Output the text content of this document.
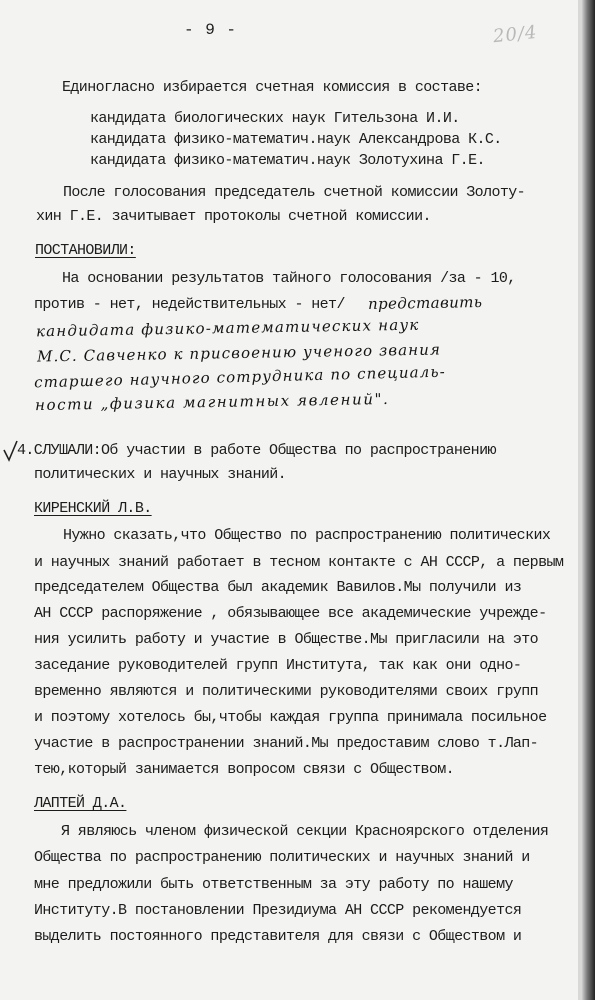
- 9 -	20/4
Единогласно избирается счетная комиссия в составе:
кандидата биологических наук Гительзона И.И.
кандидата физико-математич.наук Александрова К.С.
кандидата физико-математич.наук Золотухина Г.Е.
После голосования председатель счетной комиссии Золоту-
хин Г.Е. зачитывает протоколы счетной комиссии.
ПОСТАНОВИЛИ:
На основании результатов тайного голосования /за - 10,
против - нет, недействительных - нет/ представить
кандидата физико-математических наук
М.С. Савченко к присвоению ученого звания
старшего научного сотрудника по специаль-
ности „физика магнитных явлений".
4.СЛУШАЛИ:Об участии в работе Общества по распространению
политических и научных знаний.
КИРЕНСКИЙ Л.В.
Нужно сказать,что Общество по распространению политических
и научных знаний работает в тесном контакте с АН СССР, а первым
председателем Общества был академик Вавилов.Мы получили из
АН СССР распоряжение , обязывающее все академические учрежде-
ния усилить работу и участие в Обществе.Мы пригласили на это
заседание руководителей групп Института, так как они одно-
временно являются и политическими руководителями своих групп
и поэтому хотелось бы,чтобы каждая группа принимала посильное
участие в распространении знаний.Мы предоставим слово т.Лап-
тею,который занимается вопросом связи с Обществом.
ЛАПТЕЙ Д.А.
Я являюсь членом физической секции Красноярского отделения
Общества по распространению политических и научных знаний и
мне предложили быть ответственным за эту работу по нашему
Институту.В постановлении Президиума АН СССР рекомендуется
выделить постоянного представителя для связи с Обществом и
